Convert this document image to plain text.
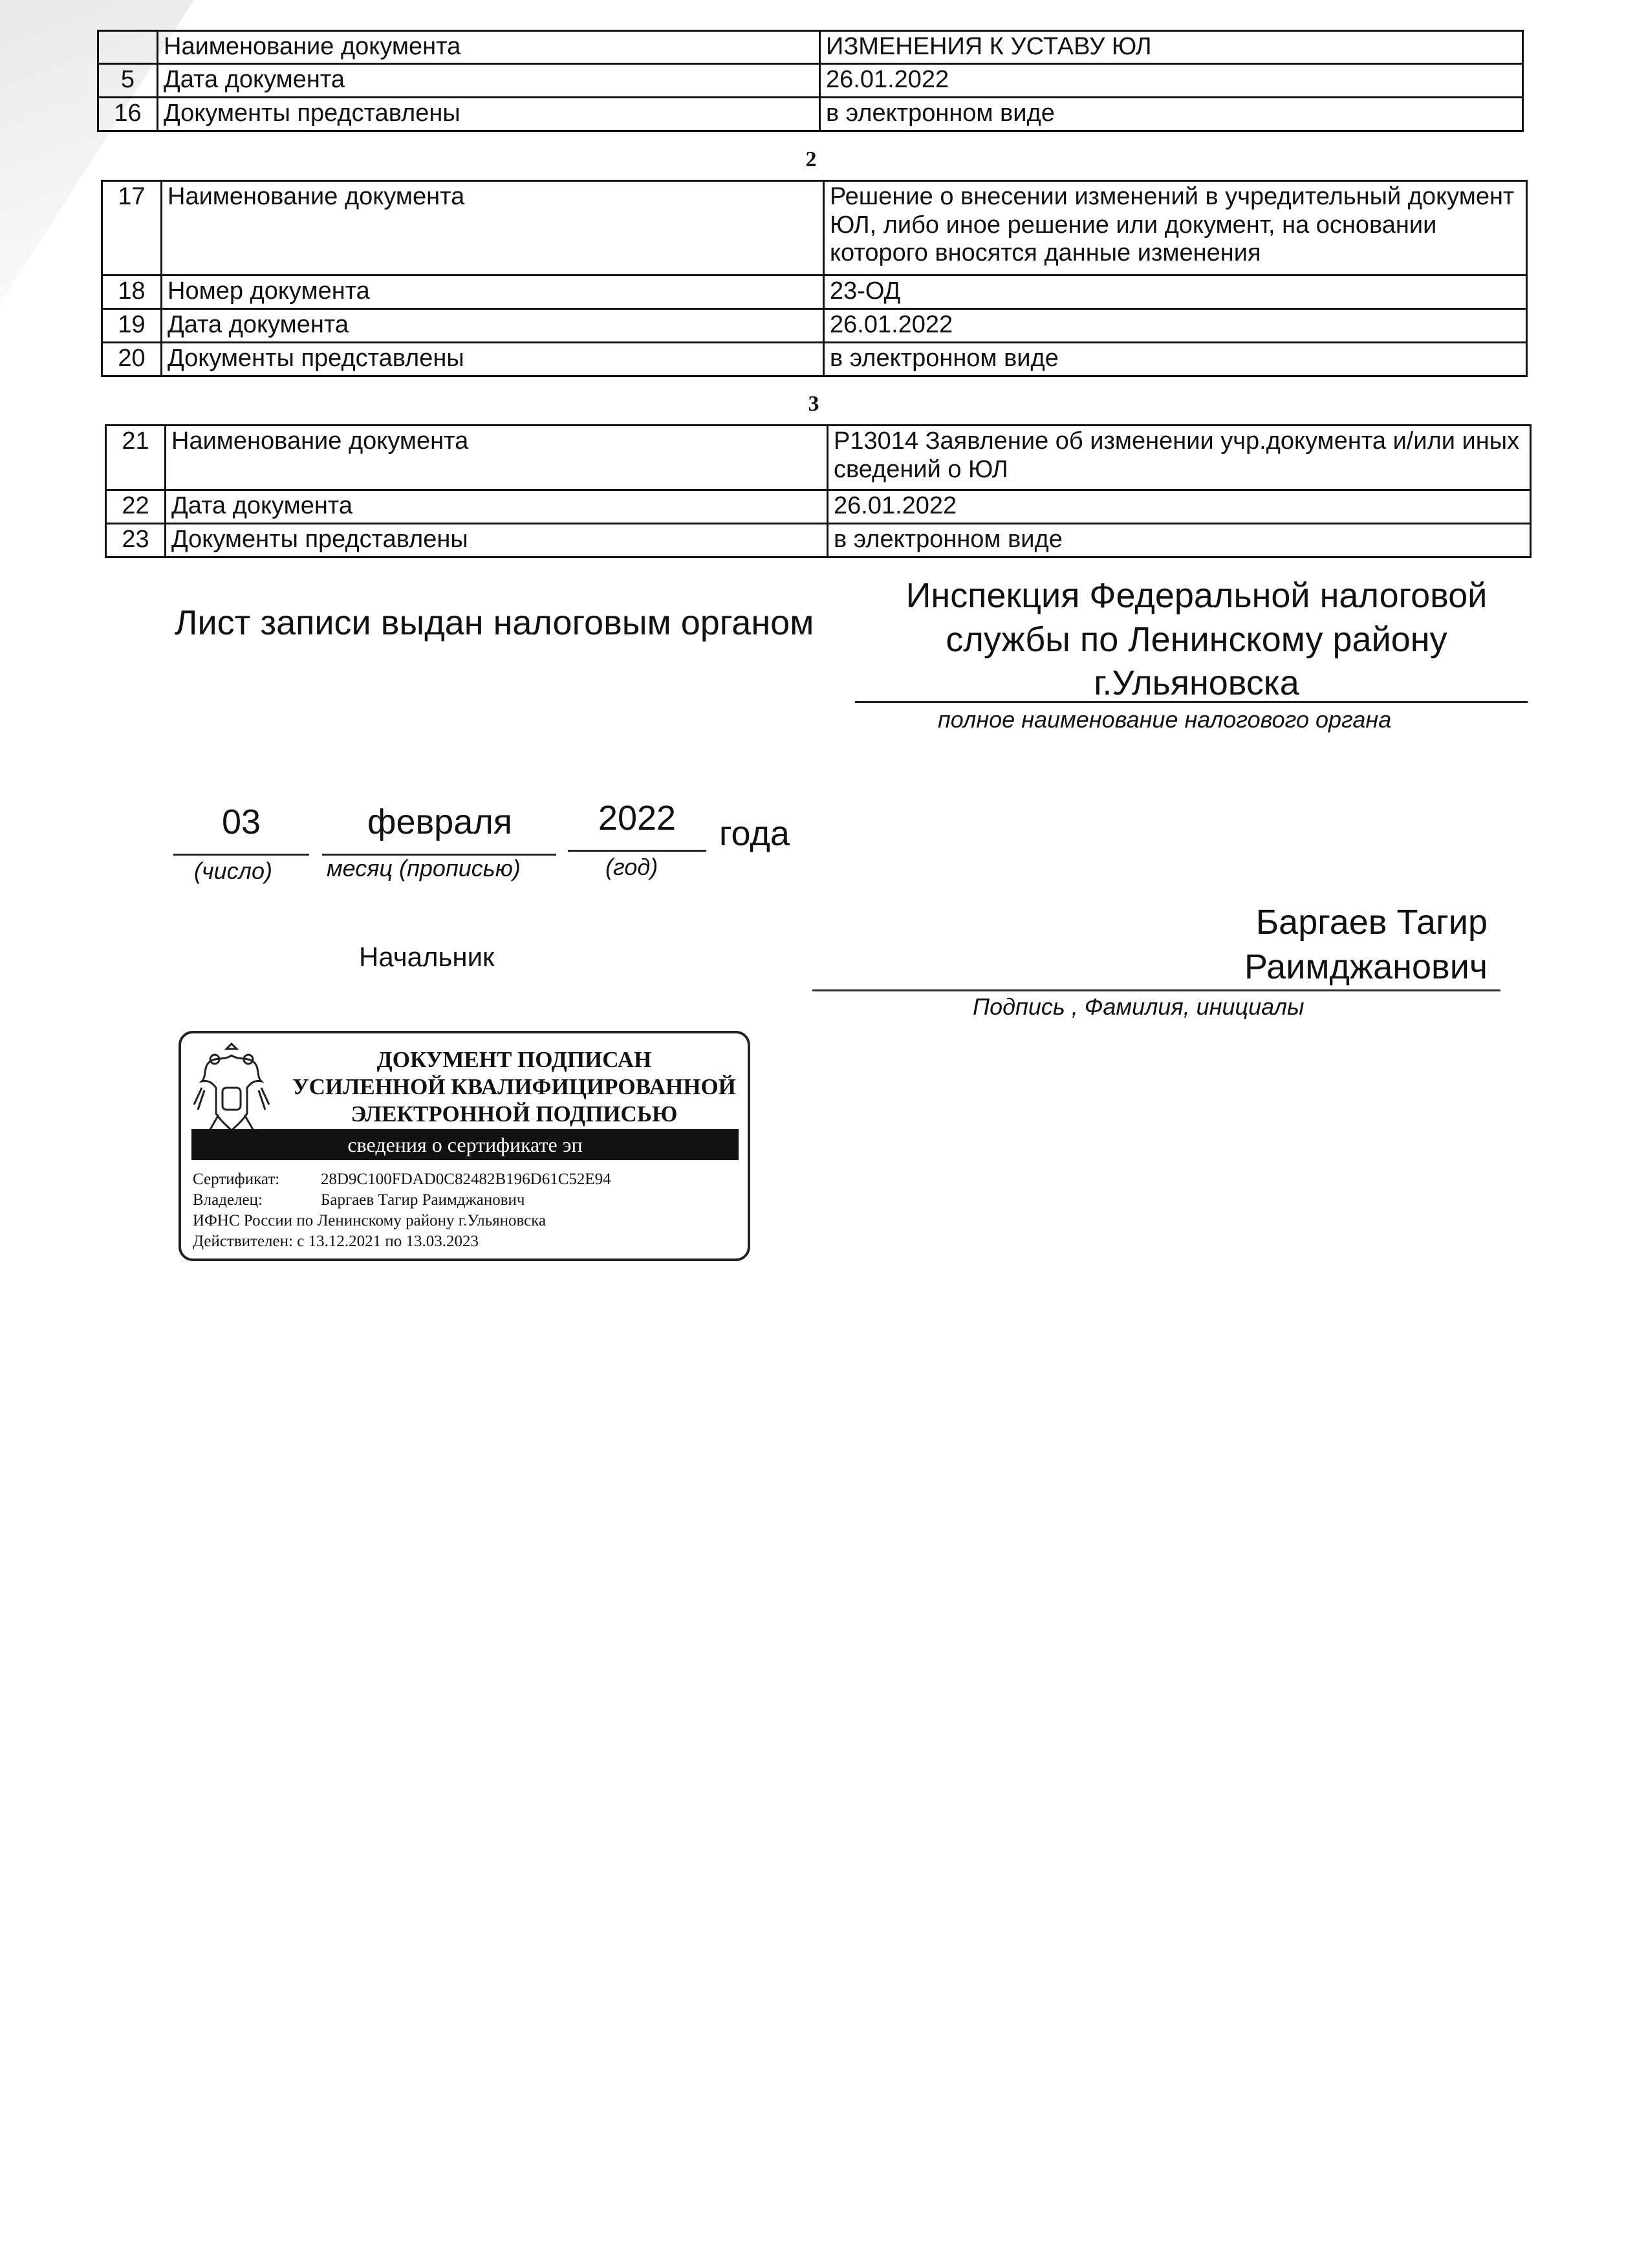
	Наименование документа	ИЗМЕНЕНИЯ К УСТАВУ ЮЛ
5	Дата документа	26.01.2022
16	Документы представлены	в электронном виде
2
17	Наименование документа	Решение о внесении изменений в учредительный документ ЮЛ, либо иное решение или документ, на основании которого вносятся данные изменения
18	Номер документа	23-ОД
19	Дата документа	26.01.2022
20	Документы представлены	в электронном виде
3
21	Наименование документа	Р13014 Заявление об изменении учр.документа и/или иных сведений о ЮЛ
22	Дата документа	26.01.2022
23	Документы представлены	в электронном виде
Лист записи выдан налоговым органом
Инспекция Федеральной налоговой
службы по Ленинскому району
г.Ульяновска
полное наименование налогового органа
03	февраля	2022	года
(число) месяц (прописью)	(год)
Начальник
Баргаев Тагир
Раимджанович
Подпись , Фамилия, инициалы
ДОКУМЕНТ ПОДПИСАН
УСИЛЕННОЙ КВАЛИФИЦИРОВАННОЙ
ЭЛЕКТРОННОЙ ПОДПИСЬЮ
сведения о сертификате эп
Сертификат:	28D9C100FDAD0C82482B196D61C52E94
Владелец:	Баргаев Тагир Раимджанович
ИФНС России по Ленинскому району г.Ульяновска
Действителен: с 13.12.2021 по 13.03.2023
